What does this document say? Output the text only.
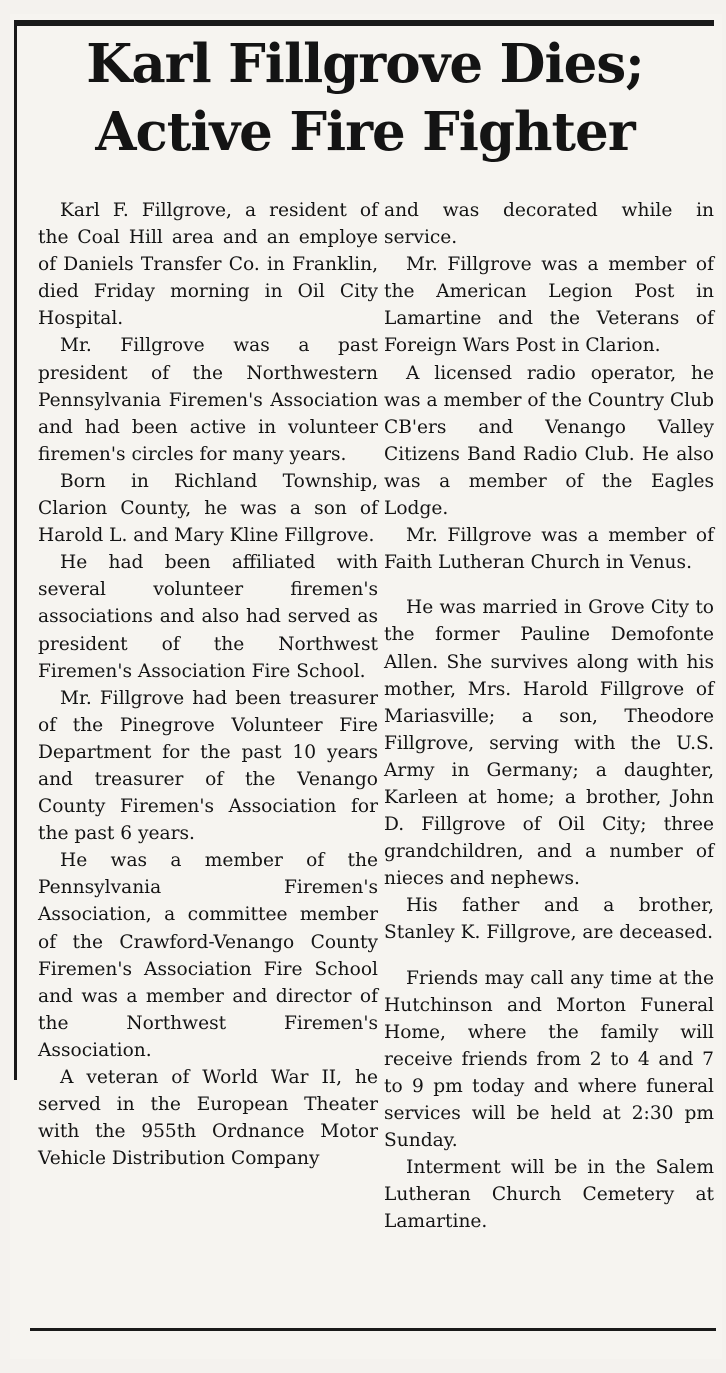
Karl Fillgrove Dies;
Active Fire Fighter

Karl F. Fillgrove, a resident of the Coal Hill area and an employe of Daniels Transfer Co. in Franklin, died Friday morning in Oil City Hospital.

Mr. Fillgrove was a past president of the Northwestern Pennsylvania Firemen's Association and had been active in volunteer firemen's circles for many years.

Born in Richland Township, Clarion County, he was a son of Harold L. and Mary Kline Fillgrove.

He had been affiliated with several volunteer firemen's associations and also had served as president of the Northwest Firemen's Association Fire School.

Mr. Fillgrove had been treasurer of the Pinegrove Volunteer Fire Department for the past 10 years and treasurer of the Venango County Firemen's Association for the past 6 years.

He was a member of the Pennsylvania Firemen's Association, a committee member of the Crawford-Venango County Firemen's Association Fire School and was a member and director of the Northwest Firemen's Association.

A veteran of World War II, he served in the European Theater with the 955th Ordnance Motor Vehicle Distribution Company

and was decorated while in service.

Mr. Fillgrove was a member of the American Legion Post in Lamartine and the Veterans of Foreign Wars Post in Clarion.

A licensed radio operator, he was a member of the Country Club CB'ers and Venango Valley Citizens Band Radio Club. He also was a member of the Eagles Lodge.

Mr. Fillgrove was a member of Faith Lutheran Church in Venus.

He was married in Grove City to the former Pauline Demofonte Allen. She survives along with his mother, Mrs. Harold Fillgrove of Mariasville; a son, Theodore Fillgrove, serving with the U.S. Army in Germany; a daughter, Karleen at home; a brother, John D. Fillgrove of Oil City; three grandchildren, and a number of nieces and nephews.

His father and a brother, Stanley K. Fillgrove, are deceased.

Friends may call any time at the Hutchinson and Morton Funeral Home, where the family will receive friends from 2 to 4 and 7 to 9 pm today and where funeral services will be held at 2:30 pm Sunday.

Interment will be in the Salem Lutheran Church Cemetery at Lamartine.
